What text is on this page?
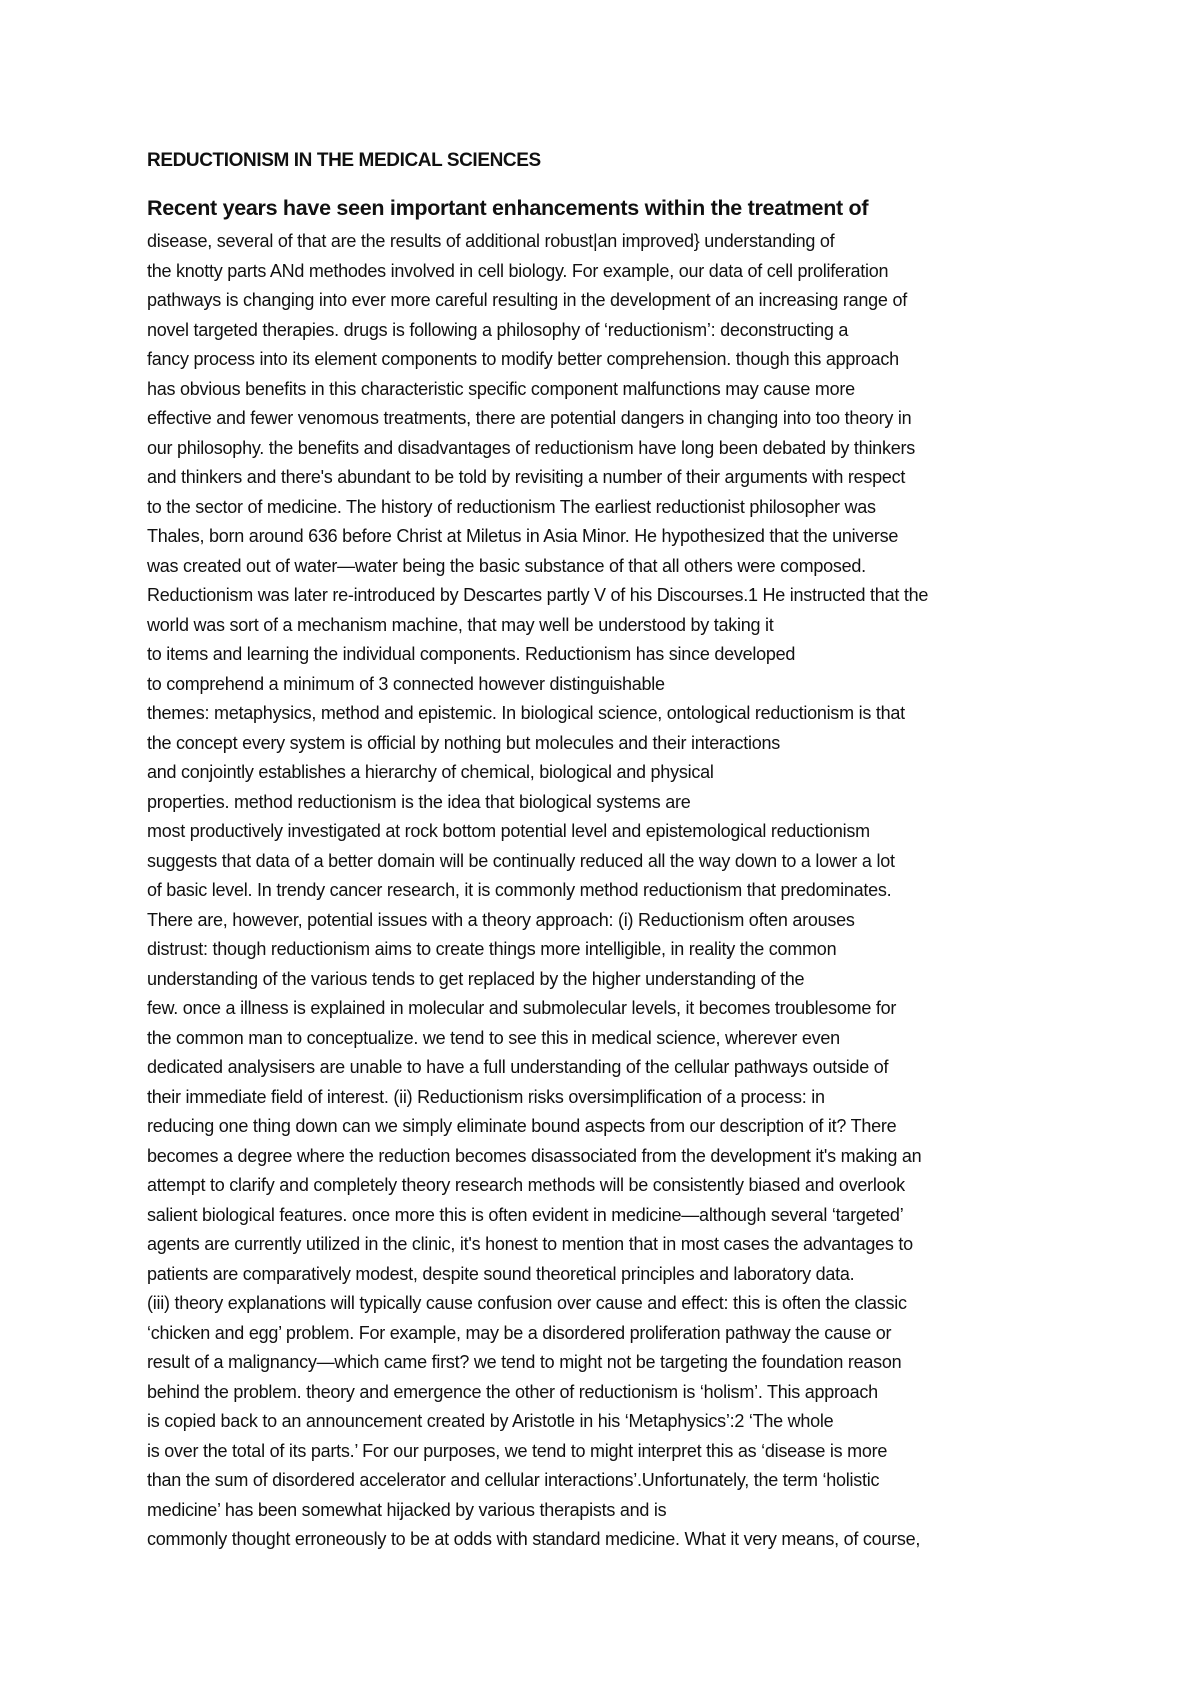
REDUCTIONISM IN THE MEDICAL SCIENCES
Recent years have seen important enhancements within the treatment of
disease, several of that are the results of additional robust|an improved} understanding of
the knotty parts ANd methodes involved in cell biology. For example, our data of cell proliferation
pathways is changing into ever more careful resulting in the development of an increasing range of
novel targeted therapies. drugs is following a philosophy of ‘reductionism’: deconstructing a
fancy process into its element components to modify better comprehension. though this approach
has obvious benefits in this characteristic specific component malfunctions may cause more
effective and fewer venomous treatments, there are potential dangers in changing into too theory in
our philosophy. the benefits and disadvantages of reductionism have long been debated by thinkers
and thinkers and there's abundant to be told by revisiting a number of their arguments with respect
to the sector of medicine. The history of reductionism The earliest reductionist philosopher was
Thales, born around 636 before Christ at Miletus in Asia Minor. He hypothesized that the universe
was created out of water—water being the basic substance of that all others were composed.
Reductionism was later re-introduced by Descartes partly V of his Discourses.1 He instructed that the
world was sort of a mechanism machine, that may well be understood by taking it
to items and learning the individual components. Reductionism has since developed
to comprehend a minimum of 3 connected however distinguishable
themes: metaphysics, method and epistemic. In biological science, ontological reductionism is that
the concept every system is official by nothing but molecules and their interactions
and conjointly establishes a hierarchy of chemical, biological and physical
properties. method reductionism is the idea that biological systems are
most productively investigated at rock bottom potential level and epistemological reductionism
suggests that data of a better domain will be continually reduced all the way down to a lower a lot
of basic level. In trendy cancer research, it is commonly method reductionism that predominates.
There are, however, potential issues with a theory approach: (i) Reductionism often arouses
distrust: though reductionism aims to create things more intelligible, in reality the common
understanding of the various tends to get replaced by the higher understanding of the
few. once a illness is explained in molecular and submolecular levels, it becomes troublesome for
the common man to conceptualize. we tend to see this in medical science, wherever even
dedicated analysisers are unable to have a full understanding of the cellular pathways outside of
their immediate field of interest. (ii) Reductionism risks oversimplification of a process: in
reducing one thing down can we simply eliminate bound aspects from our description of it? There
becomes a degree where the reduction becomes disassociated from the development it's making an
attempt to clarify and completely theory research methods will be consistently biased and overlook
salient biological features. once more this is often evident in medicine—although several ‘targeted’
agents are currently utilized in the clinic, it's honest to mention that in most cases the advantages to
patients are comparatively modest, despite sound theoretical principles and laboratory data.
(iii) theory explanations will typically cause confusion over cause and effect: this is often the classic
‘chicken and egg’ problem. For example, may be a disordered proliferation pathway the cause or
result of a malignancy—which came first? we tend to might not be targeting the foundation reason
behind the problem. theory and emergence the other of reductionism is ‘holism’. This approach
is copied back to an announcement created by Aristotle in his ‘Metaphysics’:2 ‘The whole
is over the total of its parts.’ For our purposes, we tend to might interpret this as ‘disease is more
than the sum of disordered accelerator and cellular interactions’.Unfortunately, the term ‘holistic
medicine’ has been somewhat hijacked by various therapists and is
commonly thought erroneously to be at odds with standard medicine. What it very means, of course,
